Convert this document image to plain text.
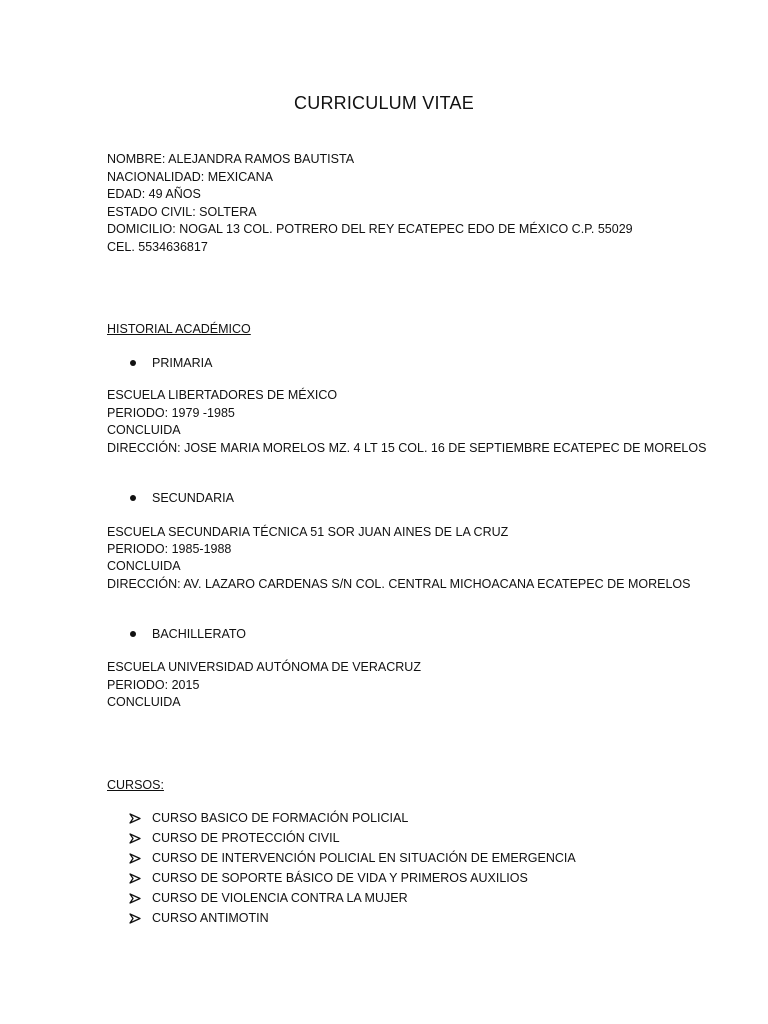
CURRICULUM VITAE
NOMBRE: ALEJANDRA RAMOS BAUTISTA
NACIONALIDAD: MEXICANA
EDAD: 49 AÑOS
ESTADO CIVIL: SOLTERA
DOMICILIO: NOGAL 13 COL. POTRERO DEL REY ECATEPEC EDO DE MÉXICO C.P. 55029
CEL. 5534636817
HISTORIAL ACADÉMICO
PRIMARIA
ESCUELA LIBERTADORES DE MÉXICO
PERIODO: 1979 -1985
CONCLUIDA
DIRECCIÓN: JOSE MARIA MORELOS MZ. 4 LT 15 COL. 16 DE SEPTIEMBRE ECATEPEC DE MORELOS
SECUNDARIA
ESCUELA SECUNDARIA TÉCNICA 51 SOR JUAN AINES DE LA CRUZ
PERIODO: 1985-1988
CONCLUIDA
DIRECCIÓN: AV. LAZARO CARDENAS S/N COL. CENTRAL MICHOACANA ECATEPEC DE MORELOS
BACHILLERATO
ESCUELA UNIVERSIDAD AUTÓNOMA DE VERACRUZ
PERIODO: 2015
CONCLUIDA
CURSOS:
CURSO BASICO DE FORMACIÓN POLICIAL
CURSO DE PROTECCIÓN CIVIL
CURSO DE INTERVENCIÓN POLICIAL EN SITUACIÓN DE EMERGENCIA
CURSO DE SOPORTE BÁSICO DE VIDA Y PRIMEROS AUXILIOS
CURSO DE VIOLENCIA CONTRA LA MUJER
CURSO ANTIMOTIN
